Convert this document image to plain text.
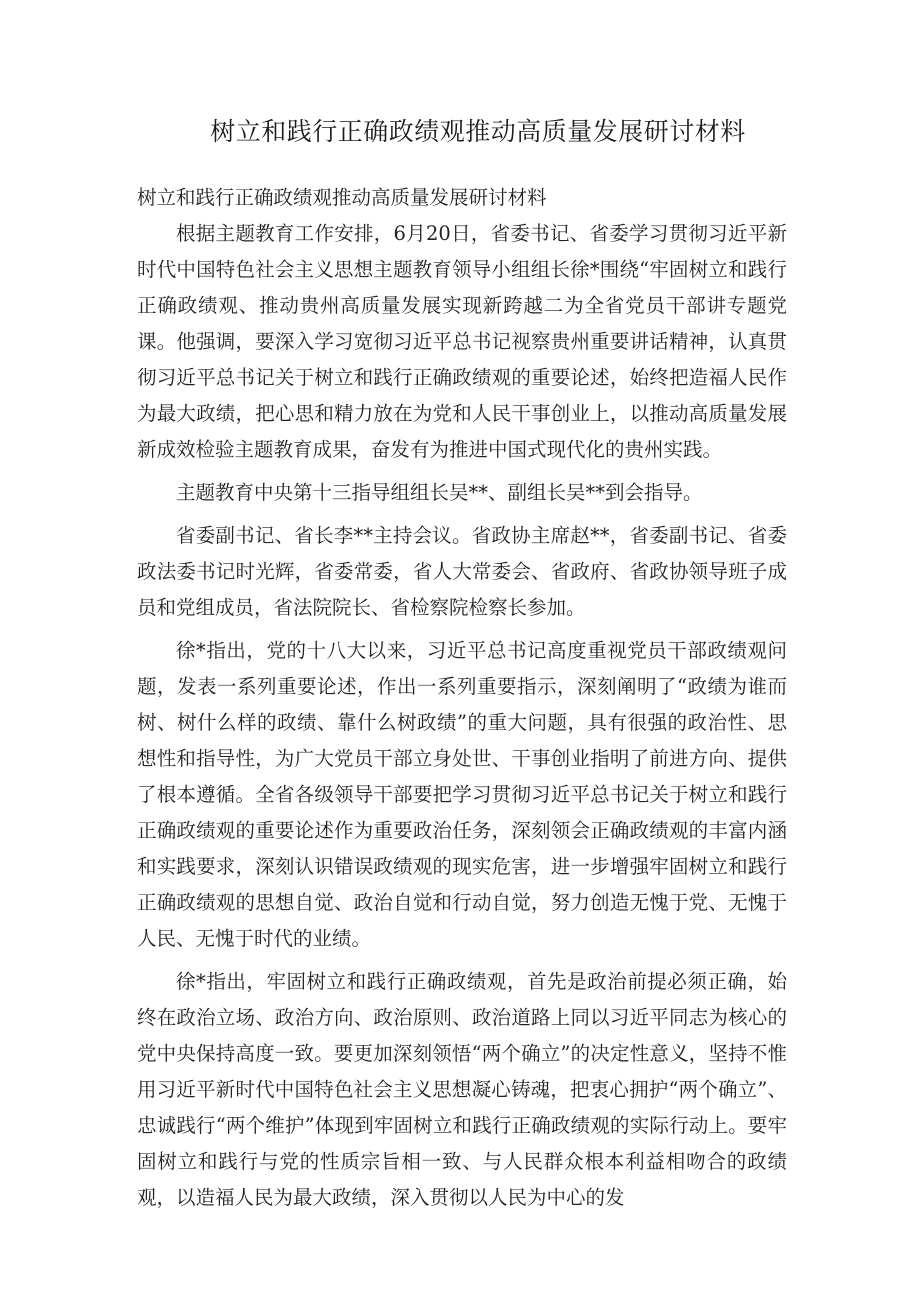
树立和践行正确政绩观推动高质量发展研讨材料

树立和践行正确政绩观推动高质量发展研讨材料

根据主题教育工作安排，6月20日，省委书记、省委学习贯彻习近平新时代中国特色社会主义思想主题教育领导小组组长徐*围绕“牢固树立和践行正确政绩观、推动贵州高质量发展实现新跨越二为全省党员干部讲专题党课。他强调，要深入学习宽彻习近平总书记视察贵州重要讲话精神，认真贯彻习近平总书记关于树立和践行正确政绩观的重要论述，始终把造福人民作为最大政绩，把心思和精力放在为党和人民干事创业上，以推动高质量发展新成效检验主题教育成果，奋发有为推进中国式现代化的贵州实践。

主题教育中央第十三指导组组长吴**、副组长吴**到会指导。

省委副书记、省长李**主持会议。省政协主席赵**，省委副书记、省委政法委书记时光辉，省委常委，省人大常委会、省政府、省政协领导班子成员和党组成员，省法院院长、省检察院检察长参加。

徐*指出，党的十八大以来，习近平总书记高度重视党员干部政绩观问题，发表一系列重要论述，作出一系列重要指示，深刻阐明了“政绩为谁而树、树什么样的政绩、靠什么树政绩”的重大问题，具有很强的政治性、思想性和指导性，为广大党员干部立身处世、干事创业指明了前进方向、提供了根本遵循。全省各级领导干部要把学习贯彻习近平总书记关于树立和践行正确政绩观的重要论述作为重要政治任务，深刻领会正确政绩观的丰富内涵和实践要求，深刻认识错误政绩观的现实危害，进一步增强牢固树立和践行正确政绩观的思想自觉、政治自觉和行动自觉，努力创造无愧于党、无愧于人民、无愧于时代的业绩。

徐*指出，牢固树立和践行正确政绩观，首先是政治前提必须正确，始终在政治立场、政治方向、政治原则、政治道路上同以习近平同志为核心的党中央保持高度一致。要更加深刻领悟“两个确立”的决定性意义，坚持不惟用习近平新时代中国特色社会主义思想凝心铸魂，把衷心拥护“两个确立”、忠诚践行“两个维护”体现到牢固树立和践行正确政绩观的实际行动上。要牢固树立和践行与党的性质宗旨相一致、与人民群众根本利益相吻合的政绩观，以造福人民为最大政绩，深入贯彻以人民为中心的发
